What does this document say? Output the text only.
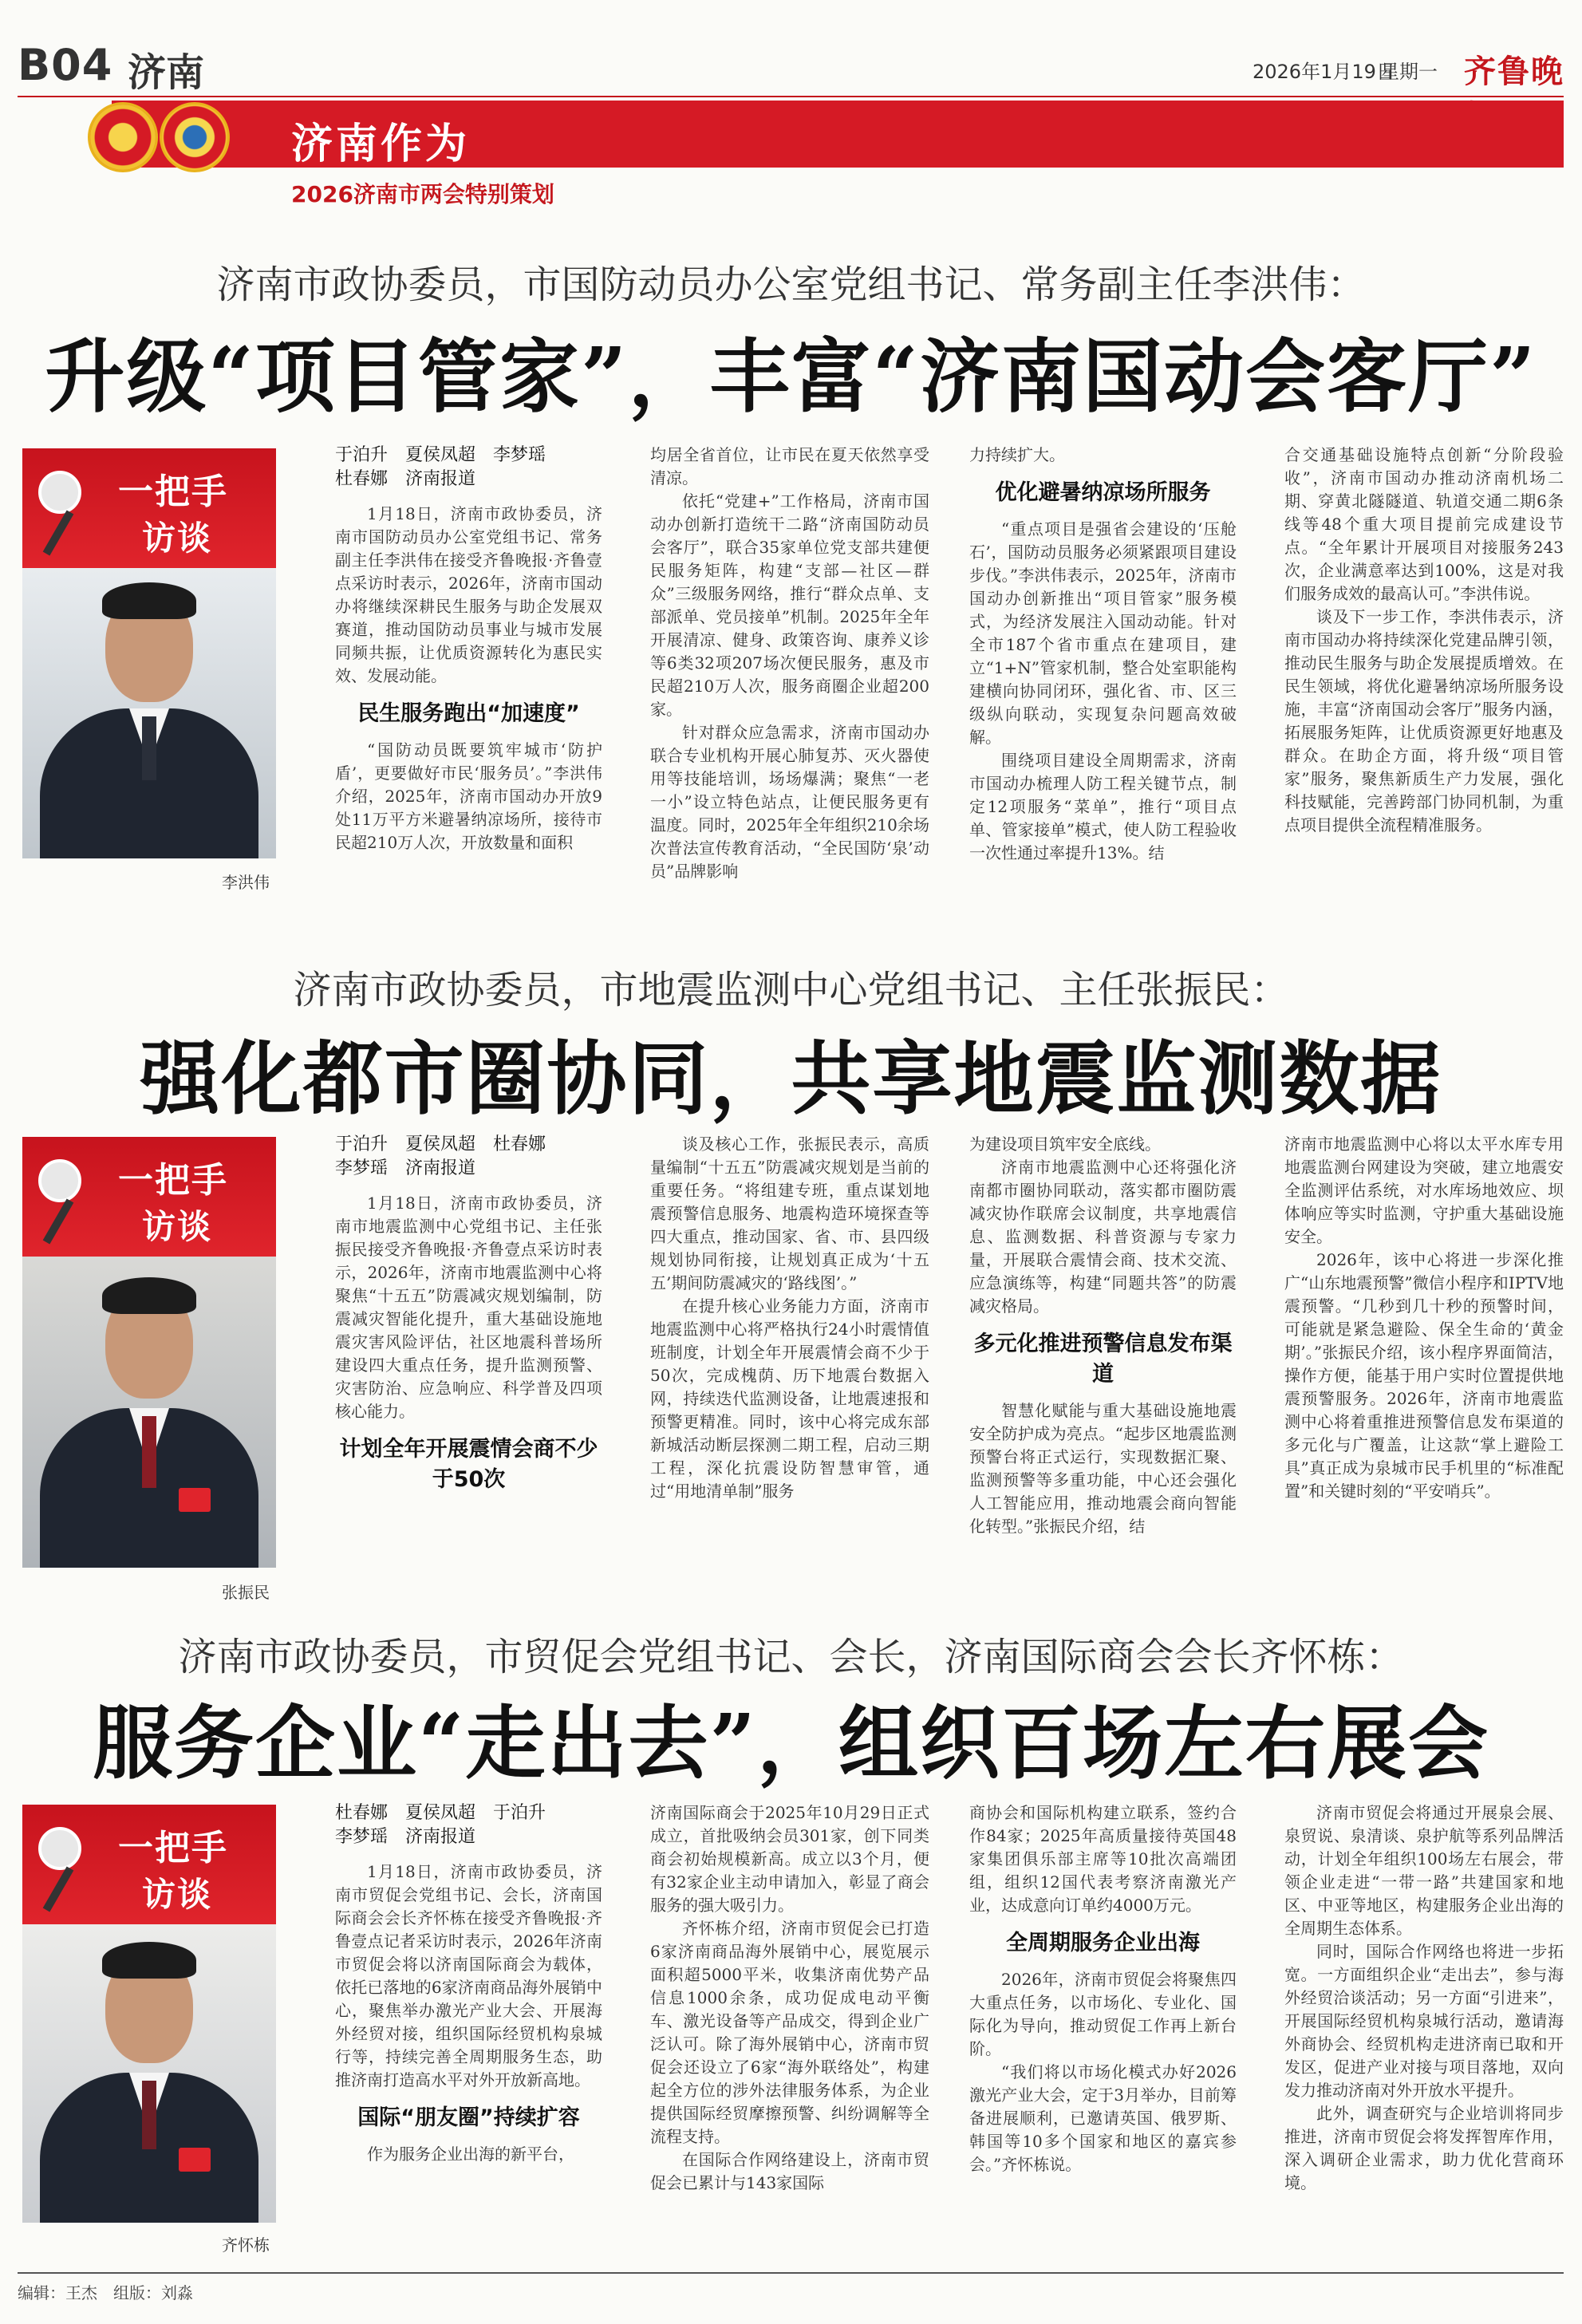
B04 济南	2026年1月19日
星期一 齐鲁晚
济南作为
2026济南市两会特别策划
济南市政协委员，市国防动员办公室党组书记、常务副主任李洪伟：
升级“项目管家”，丰富“济南国动会客厅”
一把手
访谈
李洪伟
于泊升　夏侯凤超　李梦瑶
杜春娜　济南报道

1月18日，济南市政协委员，济南市国防动员办公室党组书记、常务副主任李洪伟在接受齐鲁晚报·齐鲁壹点采访时表示，2026年，济南市国动办将继续深耕民生服务与助企发展双赛道，推动国防动员事业与城市发展同频共振，让优质资源转化为惠民实效、发展动能。

民生服务跑出“加速度”

“国防动员既要筑牢城市‘防护盾’，更要做好市民‘服务员’。”李洪伟介绍，2025年，济南市国动办开放9处11万平方米避暑纳凉场所，接待市民超210万人次，开放数量和面积

均居全省首位，让市民在夏天依然享受清凉。

依托“党建+”工作格局，济南市国动办创新打造统干二路“济南国防动员会客厅”，联合35家单位党支部共建便民服务矩阵，构建“支部—社区—群众”三级服务网络，推行“群众点单、支部派单、党员接单”机制。2025年全年开展清凉、健身、政策咨询、康养义诊等6类32项207场次便民服务，惠及市民超210万人次，服务商圈企业超200家。

针对群众应急需求，济南市国动办联合专业机构开展心肺复苏、灭火器使用等技能培训，场场爆满；聚焦“一老一小”设立特色站点，让便民服务更有温度。同时，2025年全年组织210余场次普法宣传教育活动，“全民国防‘泉’动员”品牌影响

力持续扩大。

优化避暑纳凉场所服务

“重点项目是强省会建设的‘压舱石’，国防动员服务必须紧跟项目建设步伐。”李洪伟表示，2025年，济南市国动办创新推出“项目管家”服务模式，为经济发展注入国动动能。针对全市187个省市重点在建项目，建立“1+N”管家机制，整合处室职能构建横向协同闭环，强化省、市、区三级纵向联动，实现复杂问题高效破解。

围绕项目建设全周期需求，济南市国动办梳理人防工程关键节点，制定12项服务“菜单”，推行“项目点单、管家接单”模式，使人防工程验收一次性通过率提升13%。结

合交通基础设施特点创新“分阶段验收”，济南市国动办推动济南机场二期、穿黄北隧隧道、轨道交通二期6条线等48个重大项目提前完成建设节点。“全年累计开展项目对接服务243次，企业满意率达到100%，这是对我们服务成效的最高认可。”李洪伟说。

谈及下一步工作，李洪伟表示，济南市国动办将持续深化党建品牌引领，推动民生服务与助企发展提质增效。在民生领域，将优化避暑纳凉场所服务设施，丰富“济南国动会客厅”服务内涵，拓展服务矩阵，让优质资源更好地惠及群众。在助企方面，将升级“项目管家”服务，聚焦新质生产力发展，强化科技赋能，完善跨部门协同机制，为重点项目提供全流程精准服务。

济南市政协委员，市地震监测中心党组书记、主任张振民：
强化都市圈协同，共享地震监测数据
一把手
访谈
张振民
于泊升　夏侯凤超　杜春娜
李梦瑶　济南报道

1月18日，济南市政协委员，济南市地震监测中心党组书记、主任张振民接受齐鲁晚报·齐鲁壹点采访时表示，2026年，济南市地震监测中心将聚焦“十五五”防震减灾规划编制，防震减灾智能化提升，重大基础设施地震灾害风险评估，社区地震科普场所建设四大重点任务，提升监测预警、灾害防治、应急响应、科学普及四项核心能力。

计划全年开展震情会商不少于50次

谈及核心工作，张振民表示，高质量编制“十五五”防震减灾规划是当前的重要任务。“将组建专班，重点谋划地震预警信息服务、地震构造环境探查等四大重点，推动国家、省、市、县四级规划协同衔接，让规划真正成为‘十五五’期间防震减灾的‘路线图’。”

在提升核心业务能力方面，济南市地震监测中心将严格执行24小时震情值班制度，计划全年开展震情会商不少于50次，完成槐荫、历下地震台数据入网，持续迭代监测设备，让地震速报和预警更精准。同时，该中心将完成东部新城活动断层探测二期工程，启动三期工程，深化抗震设防智慧审管，通过“用地清单制”服务

为建设项目筑牢安全底线。

济南市地震监测中心还将强化济南都市圈协同联动，落实都市圈防震减灾协作联席会议制度，共享地震信息、监测数据、科普资源与专家力量，开展联合震情会商、技术交流、应急演练等，构建“同题共答”的防震减灾格局。

多元化推进预警信息发布渠道

智慧化赋能与重大基础设施地震安全防护成为亮点。“起步区地震监测预警台将正式运行，实现数据汇聚、监测预警等多重功能，中心还会强化人工智能应用，推动地震会商向智能化转型。”张振民介绍，结

济南市地震监测中心将以太平水库专用地震监测台网建设为突破，建立地震安全监测评估系统，对水库场地效应、坝体响应等实时监测，守护重大基础设施安全。

2026年，该中心将进一步深化推广“山东地震预警”微信小程序和IPTV地震预警。“几秒到几十秒的预警时间，可能就是紧急避险、保全生命的‘黄金期’。”张振民介绍，该小程序界面简洁，操作方便，能基于用户实时位置提供地震预警服务。2026年，济南市地震监测中心将着重推进预警信息发布渠道的多元化与广覆盖，让这款“掌上避险工具”真正成为泉城市民手机里的“标准配置”和关键时刻的“平安哨兵”。

济南市政协委员，市贸促会党组书记、会长，济南国际商会会长齐怀栋：
服务企业“走出去”，组织百场左右展会
一把手
访谈
齐怀栋
杜春娜　夏侯凤超　于泊升
李梦瑶　济南报道

1月18日，济南市政协委员，济南市贸促会党组书记、会长，济南国际商会会长齐怀栋在接受齐鲁晚报·齐鲁壹点记者采访时表示，2026年济南市贸促会将以济南国际商会为载体，依托已落地的6家济南商品海外展销中心，聚焦举办激光产业大会、开展海外经贸对接，组织国际经贸机构泉城行等，持续完善全周期服务生态，助推济南打造高水平对外开放新高地。

国际“朋友圈”持续扩容

作为服务企业出海的新平台，

济南国际商会于2025年10月29日正式成立，首批吸纳会员301家，创下同类商会初始规模新高。成立以3个月，便有32家企业主动申请加入，彰显了商会服务的强大吸引力。

齐怀栋介绍，济南市贸促会已打造6家济南商品海外展销中心，展览展示面积超5000平米，收集济南优势产品信息1000余条，成功促成电动平衡车、激光设备等产品成交，得到企业广泛认可。除了海外展销中心，济南市贸促会还设立了6家“海外联络处”，构建起全方位的涉外法律服务体系，为企业提供国际经贸摩擦预警、纠纷调解等全流程支持。

在国际合作网络建设上，济南市贸促会已累计与143家国际

商协会和国际机构建立联系，签约合作84家；2025年高质量接待英国48家集团俱乐部主席等10批次高端团组，组织12国代表考察济南激光产业，达成意向订单约4000万元。

全周期服务企业出海

2026年，济南市贸促会将聚焦四大重点任务，以市场化、专业化、国际化为导向，推动贸促工作再上新台阶。

“我们将以市场化模式办好2026激光产业大会，定于3月举办，目前筹备进展顺利，已邀请英国、俄罗斯、韩国等10多个国家和地区的嘉宾参会。”齐怀栋说。

济南市贸促会将通过开展泉会展、泉贸说、泉清谈、泉护航等系列品牌活动，计划全年组织100场左右展会，带领企业走进“一带一路”共建国家和地区、中亚等地区，构建服务企业出海的全周期生态体系。

同时，国际合作网络也将进一步拓宽。一方面组织企业“走出去”，参与海外经贸洽谈活动；另一方面“引进来”，开展国际经贸机构泉城行活动，邀请海外商协会、经贸机构走进济南已取和开发区，促进产业对接与项目落地，双向发力推动济南对外开放水平提升。

此外，调查研究与企业培训将同步推进，济南市贸促会将发挥智库作用，深入调研企业需求，助力优化营商环境。

编辑：王杰　组版：刘淼
